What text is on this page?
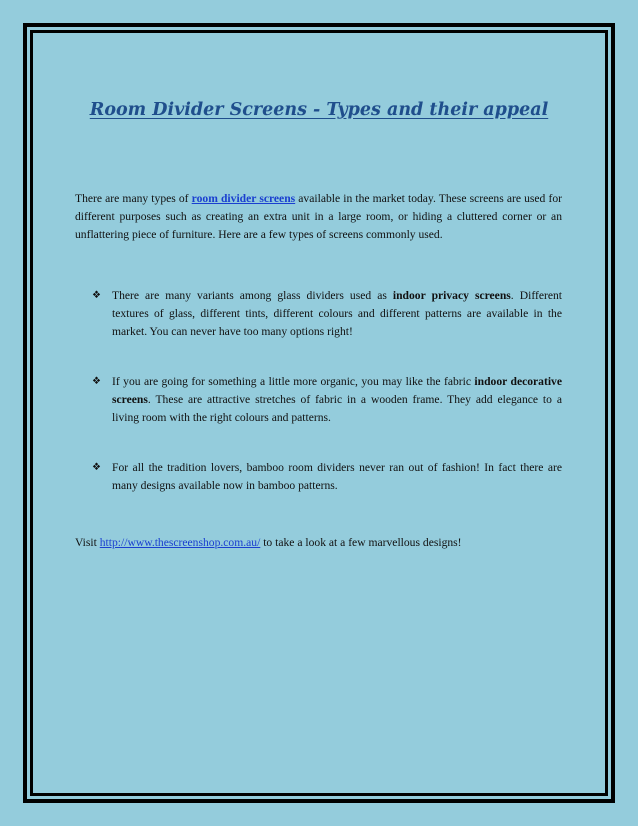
Room Divider Screens - Types and their appeal

There are many types of room divider screens available in the market today. These screens are used for different purposes such as creating an extra unit in a large room, or hiding a cluttered corner or an unflattering piece of furniture. Here are a few types of screens commonly used.

❖ There are many variants among glass dividers used as indoor privacy screens. Different textures of glass, different tints, different colours and different patterns are available in the market. You can never have too many options right!
❖ If you are going for something a little more organic, you may like the fabric indoor decorative screens. These are attractive stretches of fabric in a wooden frame. They add elegance to a living room with the right colours and patterns.
❖ For all the tradition lovers, bamboo room dividers never ran out of fashion! In fact there are many designs available now in bamboo patterns.

Visit http://www.thescreenshop.com.au/ to take a look at a few marvellous designs!
